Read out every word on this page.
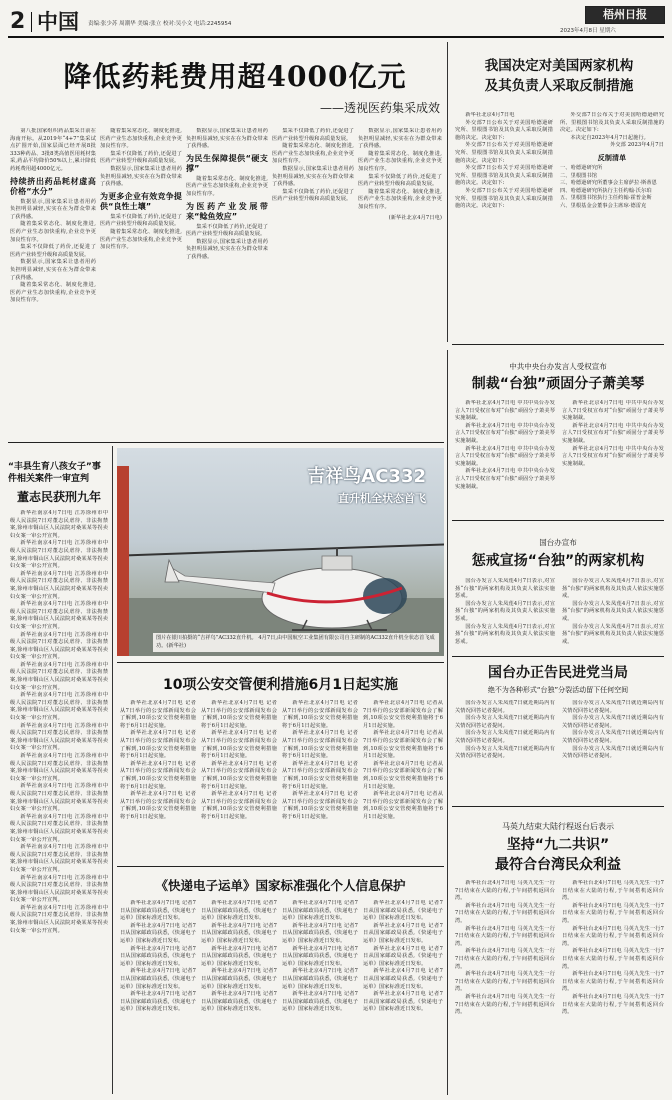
2 中国 责编:张少苏 周潮华 美编:张立 校对:吴小文 电话:2245954
梧州日报
2023年4月8日 星期六
降低药耗费用超4000亿元
——透视医药集采成效

第八批国家组织药品集采日前在海南开标。从2019年“4+7”集采试点扩围开始,国家层面已经开展8批333种药品、3批8类高值医用耗材集采,药品平均降价50%以上,累计降低药耗费用超4000亿元。

持续挤出药品耗材虚高价格“水分”

数据显示,国家集采让患者用药负担明显减轻,实实在在为群众带来了获得感。

随着集采常态化、制度化推进,医药产业生态加快重构,企业竞争更加良性有序。

集采不仅降低了药价,还促进了医药产业转型升级和高质量发展。

数据显示,国家集采让患者用药负担明显减轻,实实在在为群众带来了获得感。

随着集采常态化、制度化推进,医药产业生态加快重构,企业竞争更加良性有序。

随着集采常态化、制度化推进,医药产业生态加快重构,企业竞争更加良性有序。

集采不仅降低了药价,还促进了医药产业转型升级和高质量发展。

数据显示,国家集采让患者用药负担明显减轻,实实在在为群众带来了获得感。

为更多企业有效竞争提供“良性土壤”

集采不仅降低了药价,还促进了医药产业转型升级和高质量发展。

随着集采常态化、制度化推进,医药产业生态加快重构,企业竞争更加良性有序。

数据显示,国家集采让患者用药负担明显减轻,实实在在为群众带来了获得感。

为民生保障提供“硬支撑”

随着集采常态化、制度化推进,医药产业生态加快重构,企业竞争更加良性有序。

为医药产业发展带来“鲶鱼效应”

集采不仅降低了药价,还促进了医药产业转型升级和高质量发展。

数据显示,国家集采让患者用药负担明显减轻,实实在在为群众带来了获得感。

集采不仅降低了药价,还促进了医药产业转型升级和高质量发展。

随着集采常态化、制度化推进,医药产业生态加快重构,企业竞争更加良性有序。

数据显示,国家集采让患者用药负担明显减轻,实实在在为群众带来了获得感。

集采不仅降低了药价,还促进了医药产业转型升级和高质量发展。

数据显示,国家集采让患者用药负担明显减轻,实实在在为群众带来了获得感。

随着集采常态化、制度化推进,医药产业生态加快重构,企业竞争更加良性有序。

集采不仅降低了药价,还促进了医药产业转型升级和高质量发展。

随着集采常态化、制度化推进,医药产业生态加快重构,企业竞争更加良性有序。

(新华社北京4月7日电)
我国决定对美国两家机构
及其负责人采取反制措施

新华社北京4月7日电

外交部7日公布关于对美国哈德逊研究所、里根图书馆及其负责人采取反制措施的决定。决定如下:

外交部7日公布关于对美国哈德逊研究所、里根图书馆及其负责人采取反制措施的决定。决定如下:

外交部7日公布关于对美国哈德逊研究所、里根图书馆及其负责人采取反制措施的决定。决定如下:

外交部7日公布关于对美国哈德逊研究所、里根图书馆及其负责人采取反制措施的决定。决定如下:

外交部7日公布关于对美国哈德逊研究所、里根图书馆及其负责人采取反制措施的决定。决定如下:

本决定自2023年4月7日起施行。

外交部 2023年4月7日
反制清单
一、哈德逊研究所
二、里根图书馆
三、哈德逊研究所董事会主席萨拉·斯蒂恩
四、哈德逊研究所执行主任约翰·沃尔珀
五、里根图书馆执行主任约翰·霍普金斯
六、里根基金会董事会主席琼·德雷克
中共中央台办发言人受权宣布
制裁“台独”顽固分子萧美琴

新华社北京4月7日电 中共中央台办发言人7日受权宣布对“台独”顽固分子萧美琴实施制裁。

新华社北京4月7日电 中共中央台办发言人7日受权宣布对“台独”顽固分子萧美琴实施制裁。

新华社北京4月7日电 中共中央台办发言人7日受权宣布对“台独”顽固分子萧美琴实施制裁。

新华社北京4月7日电 中共中央台办发言人7日受权宣布对“台独”顽固分子萧美琴实施制裁。

新华社北京4月7日电 中共中央台办发言人7日受权宣布对“台独”顽固分子萧美琴实施制裁。

新华社北京4月7日电 中共中央台办发言人7日受权宣布对“台独”顽固分子萧美琴实施制裁。

新华社北京4月7日电 中共中央台办发言人7日受权宣布对“台独”顽固分子萧美琴实施制裁。

国台办宣布
惩戒宣扬“台独”的两家机构

国台办发言人朱凤莲4月7日表示,对宣扬“台独”的两家机构及其负责人依法实施惩戒。

国台办发言人朱凤莲4月7日表示,对宣扬“台独”的两家机构及其负责人依法实施惩戒。

国台办发言人朱凤莲4月7日表示,对宣扬“台独”的两家机构及其负责人依法实施惩戒。

国台办发言人朱凤莲4月7日表示,对宣扬“台独”的两家机构及其负责人依法实施惩戒。

国台办发言人朱凤莲4月7日表示,对宣扬“台独”的两家机构及其负责人依法实施惩戒。

国台办发言人朱凤莲4月7日表示,对宣扬“台独”的两家机构及其负责人依法实施惩戒。

国台办正告民进党当局
绝不为各种形式“台独”分裂活动留下任何空间

国台办发言人朱凤莲7日就近期岛内有关情况回答记者提问。

国台办发言人朱凤莲7日就近期岛内有关情况回答记者提问。

国台办发言人朱凤莲7日就近期岛内有关情况回答记者提问。

国台办发言人朱凤莲7日就近期岛内有关情况回答记者提问。

国台办发言人朱凤莲7日就近期岛内有关情况回答记者提问。

国台办发言人朱凤莲7日就近期岛内有关情况回答记者提问。

国台办发言人朱凤莲7日就近期岛内有关情况回答记者提问。

国台办发言人朱凤莲7日就近期岛内有关情况回答记者提问。

马英九结束大陆行程返台后表示
坚持“九二共识”
最符合台湾民众利益

新华社台北4月7日电 马英九先生一行7日结束在大陆的行程,于午间搭机返回台湾。

新华社台北4月7日电 马英九先生一行7日结束在大陆的行程,于午间搭机返回台湾。

新华社台北4月7日电 马英九先生一行7日结束在大陆的行程,于午间搭机返回台湾。

新华社台北4月7日电 马英九先生一行7日结束在大陆的行程,于午间搭机返回台湾。

新华社台北4月7日电 马英九先生一行7日结束在大陆的行程,于午间搭机返回台湾。

新华社台北4月7日电 马英九先生一行7日结束在大陆的行程,于午间搭机返回台湾。

新华社台北4月7日电 马英九先生一行7日结束在大陆的行程,于午间搭机返回台湾。

新华社台北4月7日电 马英九先生一行7日结束在大陆的行程,于午间搭机返回台湾。

新华社台北4月7日电 马英九先生一行7日结束在大陆的行程,于午间搭机返回台湾。

新华社台北4月7日电 马英九先生一行7日结束在大陆的行程,于午间搭机返回台湾。

新华社台北4月7日电 马英九先生一行7日结束在大陆的行程,于午间搭机返回台湾。

新华社台北4月7日电 马英九先生一行7日结束在大陆的行程,于午间搭机返回台湾。

“丰县生育八孩女子”事
件相关案件一审宣判
董志民获刑九年

新华社南京4月7日电 江苏徐州市中级人民法院7日对董志民虐待、非法拘禁案,徐州市铜山区人民法院对桑某某等拐卖妇女案一审公开宣判。

新华社南京4月7日电 江苏徐州市中级人民法院7日对董志民虐待、非法拘禁案,徐州市铜山区人民法院对桑某某等拐卖妇女案一审公开宣判。

新华社南京4月7日电 江苏徐州市中级人民法院7日对董志民虐待、非法拘禁案,徐州市铜山区人民法院对桑某某等拐卖妇女案一审公开宣判。

新华社南京4月7日电 江苏徐州市中级人民法院7日对董志民虐待、非法拘禁案,徐州市铜山区人民法院对桑某某等拐卖妇女案一审公开宣判。

新华社南京4月7日电 江苏徐州市中级人民法院7日对董志民虐待、非法拘禁案,徐州市铜山区人民法院对桑某某等拐卖妇女案一审公开宣判。

新华社南京4月7日电 江苏徐州市中级人民法院7日对董志民虐待、非法拘禁案,徐州市铜山区人民法院对桑某某等拐卖妇女案一审公开宣判。

新华社南京4月7日电 江苏徐州市中级人民法院7日对董志民虐待、非法拘禁案,徐州市铜山区人民法院对桑某某等拐卖妇女案一审公开宣判。

新华社南京4月7日电 江苏徐州市中级人民法院7日对董志民虐待、非法拘禁案,徐州市铜山区人民法院对桑某某等拐卖妇女案一审公开宣判。

新华社南京4月7日电 江苏徐州市中级人民法院7日对董志民虐待、非法拘禁案,徐州市铜山区人民法院对桑某某等拐卖妇女案一审公开宣判。

新华社南京4月7日电 江苏徐州市中级人民法院7日对董志民虐待、非法拘禁案,徐州市铜山区人民法院对桑某某等拐卖妇女案一审公开宣判。

新华社南京4月7日电 江苏徐州市中级人民法院7日对董志民虐待、非法拘禁案,徐州市铜山区人民法院对桑某某等拐卖妇女案一审公开宣判。

新华社南京4月7日电 江苏徐州市中级人民法院7日对董志民虐待、非法拘禁案,徐州市铜山区人民法院对桑某某等拐卖妇女案一审公开宣判。

新华社南京4月7日电 江苏徐州市中级人民法院7日对董志民虐待、非法拘禁案,徐州市铜山区人民法院对桑某某等拐卖妇女案一审公开宣判。

新华社南京4月7日电 江苏徐州市中级人民法院7日对董志民虐待、非法拘禁案,徐州市铜山区人民法院对桑某某等拐卖妇女案一审公开宣判。

吉祥鸟AC332
直升机全状态首飞
图片在银川拍摄的“吉祥鸟”AC332直升机。 4月7日,由中国航空工业集团有限公司自主研制的AC332直升机全状态首飞成功。(新华社)
10项公安交管便利措施6月1日起实施

新华社北京4月7日电 记者从7日举行的公安部新闻发布会了解到,10项公安交管便利措施将于6月1日起实施。

新华社北京4月7日电 记者从7日举行的公安部新闻发布会了解到,10项公安交管便利措施将于6月1日起实施。

新华社北京4月7日电 记者从7日举行的公安部新闻发布会了解到,10项公安交管便利措施将于6月1日起实施。

新华社北京4月7日电 记者从7日举行的公安部新闻发布会了解到,10项公安交管便利措施将于6月1日起实施。

新华社北京4月7日电 记者从7日举行的公安部新闻发布会了解到,10项公安交管便利措施将于6月1日起实施。

新华社北京4月7日电 记者从7日举行的公安部新闻发布会了解到,10项公安交管便利措施将于6月1日起实施。

新华社北京4月7日电 记者从7日举行的公安部新闻发布会了解到,10项公安交管便利措施将于6月1日起实施。

新华社北京4月7日电 记者从7日举行的公安部新闻发布会了解到,10项公安交管便利措施将于6月1日起实施。

新华社北京4月7日电 记者从7日举行的公安部新闻发布会了解到,10项公安交管便利措施将于6月1日起实施。

新华社北京4月7日电 记者从7日举行的公安部新闻发布会了解到,10项公安交管便利措施将于6月1日起实施。

新华社北京4月7日电 记者从7日举行的公安部新闻发布会了解到,10项公安交管便利措施将于6月1日起实施。

新华社北京4月7日电 记者从7日举行的公安部新闻发布会了解到,10项公安交管便利措施将于6月1日起实施。

新华社北京4月7日电 记者从7日举行的公安部新闻发布会了解到,10项公安交管便利措施将于6月1日起实施。

新华社北京4月7日电 记者从7日举行的公安部新闻发布会了解到,10项公安交管便利措施将于6月1日起实施。

新华社北京4月7日电 记者从7日举行的公安部新闻发布会了解到,10项公安交管便利措施将于6月1日起实施。

新华社北京4月7日电 记者从7日举行的公安部新闻发布会了解到,10项公安交管便利措施将于6月1日起实施。

《快递电子运单》国家标准强化个人信息保护

新华社北京4月7日电 记者7日从国家邮政局获悉,《快递电子运单》国家标准近日发布。

新华社北京4月7日电 记者7日从国家邮政局获悉,《快递电子运单》国家标准近日发布。

新华社北京4月7日电 记者7日从国家邮政局获悉,《快递电子运单》国家标准近日发布。

新华社北京4月7日电 记者7日从国家邮政局获悉,《快递电子运单》国家标准近日发布。

新华社北京4月7日电 记者7日从国家邮政局获悉,《快递电子运单》国家标准近日发布。

新华社北京4月7日电 记者7日从国家邮政局获悉,《快递电子运单》国家标准近日发布。

新华社北京4月7日电 记者7日从国家邮政局获悉,《快递电子运单》国家标准近日发布。

新华社北京4月7日电 记者7日从国家邮政局获悉,《快递电子运单》国家标准近日发布。

新华社北京4月7日电 记者7日从国家邮政局获悉,《快递电子运单》国家标准近日发布。

新华社北京4月7日电 记者7日从国家邮政局获悉,《快递电子运单》国家标准近日发布。

新华社北京4月7日电 记者7日从国家邮政局获悉,《快递电子运单》国家标准近日发布。

新华社北京4月7日电 记者7日从国家邮政局获悉,《快递电子运单》国家标准近日发布。

新华社北京4月7日电 记者7日从国家邮政局获悉,《快递电子运单》国家标准近日发布。

新华社北京4月7日电 记者7日从国家邮政局获悉,《快递电子运单》国家标准近日发布。

新华社北京4月7日电 记者7日从国家邮政局获悉,《快递电子运单》国家标准近日发布。

新华社北京4月7日电 记者7日从国家邮政局获悉,《快递电子运单》国家标准近日发布。

新华社北京4月7日电 记者7日从国家邮政局获悉,《快递电子运单》国家标准近日发布。

新华社北京4月7日电 记者7日从国家邮政局获悉,《快递电子运单》国家标准近日发布。

新华社北京4月7日电 记者7日从国家邮政局获悉,《快递电子运单》国家标准近日发布。

新华社北京4月7日电 记者7日从国家邮政局获悉,《快递电子运单》国家标准近日发布。
